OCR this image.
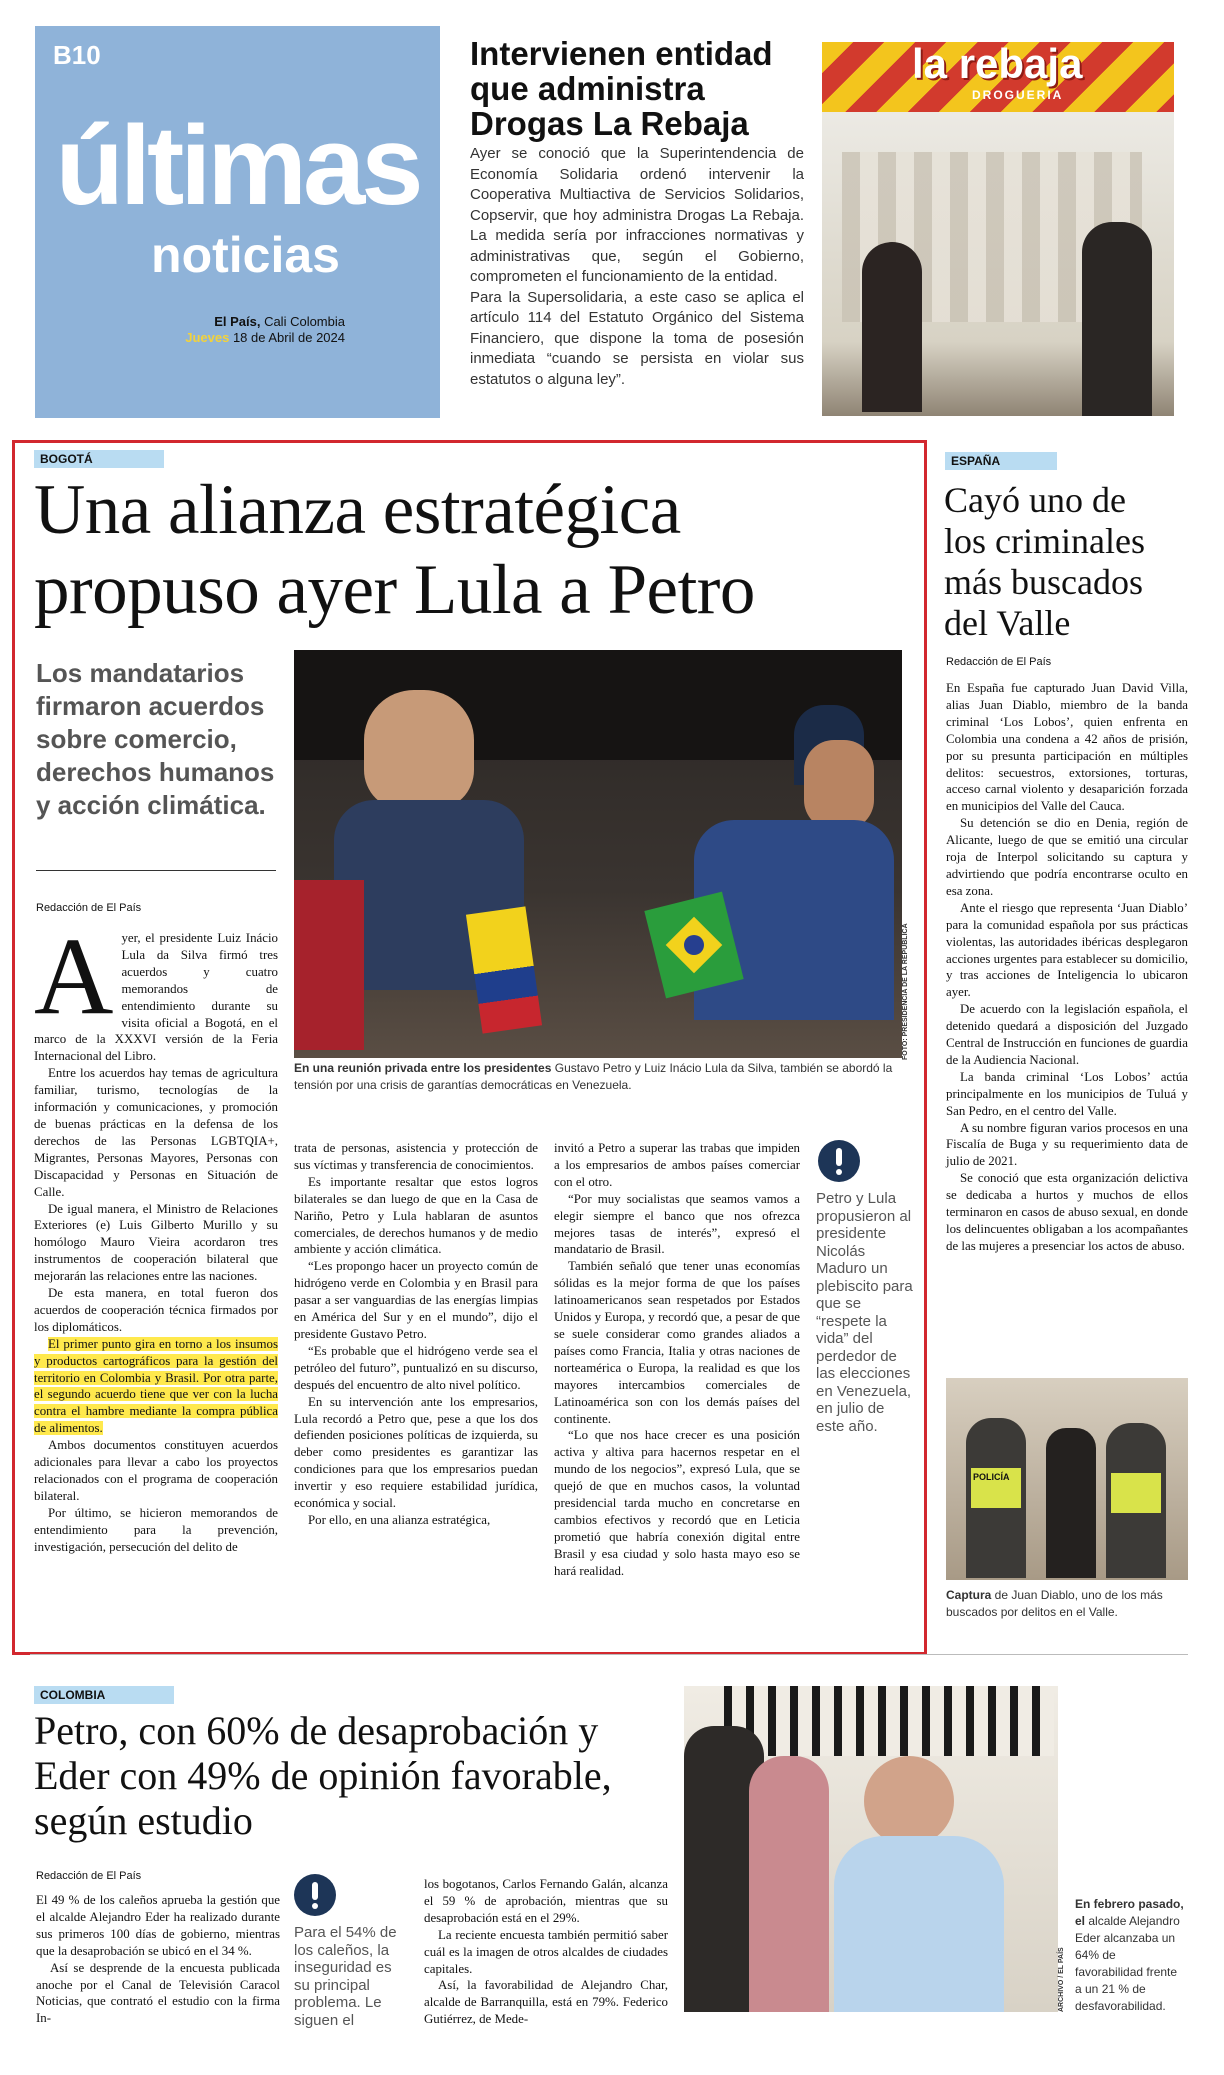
B10
últimas
noticias
El País, Cali Colombia
Jueves 18 de Abril de 2024
Intervienen entidad que administra Drogas La Rebaja

Ayer se conoció que la Superintendencia de Economía Solidaria ordenó intervenir la Cooperativa Multiactiva de Servicios Solidarios, Copservir, que hoy administra Drogas La Rebaja. La medida sería por infracciones normativas y administrativas que, según el Gobierno, comprometen el funcionamiento de la entidad.

Para la Supersolidaria, a este caso se aplica el artículo 114 del Estatuto Orgánico del Sistema Financiero, que dispone la toma de posesión inmediata “cuando se persista en violar sus estatutos o alguna ley”.

la rebaja
DROGUERIA
BOGOTÁ
Una alianza estratégica propuso ayer Lula a Petro
Los mandatarios firmaron acuerdos sobre comercio, derechos humanos y acción climática.
Redacción de El País
FOTO: PRESIDENCIA DE LA REPÚBLICA
En una reunión privada entre los presidentes Gustavo Petro y Luiz Inácio Lula da Silva, también se abordó la tensión por una crisis de garantías democráticas en Venezuela.
A yer, el presidente Luiz Inácio Lula da Silva firmó tres acuerdos y cuatro memorandos de entendimiento durante su visita oficial a Bogotá, en el marco de la XXXVI versión de la Feria Internacional del Libro.

Entre los acuerdos hay temas de agricultura familiar, turismo, tecnologías de la información y comunicaciones, y promoción de buenas prácticas en la defensa de los derechos de las Personas LGBTQIA+, Migrantes, Personas Mayores, Personas con Discapacidad y Personas en Situación de Calle.

De igual manera, el Ministro de Relaciones Exteriores (e) Luis Gilberto Murillo y su homólogo Mauro Vieira acordaron tres instrumentos de cooperación bilateral que mejorarán las relaciones entre las naciones.

De esta manera, en total fueron dos acuerdos de cooperación técnica firmados por los diplomáticos.

El primer punto gira en torno a los insumos y productos cartográficos para la gestión del territorio en Colombia y Brasil. Por otra parte, el segundo acuerdo tiene que ver con la lucha contra el hambre mediante la compra pública de alimentos.

Ambos documentos constituyen acuerdos adicionales para llevar a cabo los proyectos relacionados con el programa de cooperación bilateral.

Por último, se hicieron memorandos de entendimiento para la prevención, investigación, persecución del delito de

trata de personas, asistencia y protección de sus víctimas y transferencia de conocimientos.

Es importante resaltar que estos logros bilaterales se dan luego de que en la Casa de Nariño, Petro y Lula hablaran de asuntos comerciales, de derechos humanos y de medio ambiente y acción climática.

“Les propongo hacer un proyecto común de hidrógeno verde en Colombia y en Brasil para pasar a ser vanguardias de las energías limpias en América del Sur y en el mundo”, dijo el presidente Gustavo Petro.

“Es probable que el hidrógeno verde sea el petróleo del futuro”, puntualizó en su discurso, después del encuentro de alto nivel político.

En su intervención ante los empresarios, Lula recordó a Petro que, pese a que los dos defienden posiciones políticas de izquierda, su deber como presidentes es garantizar las condiciones para que los empresarios puedan invertir y eso requiere estabilidad jurídica, económica y social.

Por ello, en una alianza estratégica,

invitó a Petro a superar las trabas que impiden a los empresarios de ambos países comerciar con el otro.

“Por muy socialistas que seamos vamos a elegir siempre el banco que nos ofrezca mejores tasas de interés”, expresó el mandatario de Brasil.

También señaló que tener unas economías sólidas es la mejor forma de que los países latinoamericanos sean respetados por Estados Unidos y Europa, y recordó que, a pesar de que se suele considerar como grandes aliados a países como Francia, Italia y otras naciones de norteamérica o Europa, la realidad es que los mayores intercambios comerciales de Latinoamérica son con los demás países del continente.

“Lo que nos hace crecer es una posición activa y altiva para hacernos respetar en el mundo de los negocios”, expresó Lula, que se quejó de que en muchos casos, la voluntad presidencial tarda mucho en concretarse en cambios efectivos y recordó que en Leticia prometió que habría conexión digital entre Brasil y esa ciudad y solo hasta mayo eso se hará realidad.

Petro y Lula propusieron al presidente Nicolás Maduro un plebiscito para que se “respete la vida” del perdedor de las elecciones en Venezuela, en julio de este año.
ESPAÑA
Cayó uno de los criminales más buscados del Valle
Redacción de El País

En España fue capturado Juan David Villa, alias Juan Diablo, miembro de la banda criminal ‘Los Lobos’, quien enfrenta en Colombia una condena a 42 años de prisión, por su presunta participación en múltiples delitos: secuestros, extorsiones, torturas, acceso carnal violento y desaparición forzada en municipios del Valle del Cauca.

Su detención se dio en Denia, región de Alicante, luego de que se emitió una circular roja de Interpol solicitando su captura y advirtiendo que podría encontrarse oculto en esa zona.

Ante el riesgo que representa ‘Juan Diablo’ para la comunidad española por sus prácticas violentas, las autoridades ibéricas desplegaron acciones urgentes para establecer su domicilio, y tras acciones de Inteligencia lo ubicaron ayer.

De acuerdo con la legislación española, el detenido quedará a disposición del Juzgado Central de Instrucción en funciones de guardia de la Audiencia Nacional.

La banda criminal ‘Los Lobos’ actúa principalmente en los municipios de Tuluá y San Pedro, en el centro del Valle.

A su nombre figuran varios procesos en una Fiscalía de Buga y su requerimiento data de julio de 2021.

Se conoció que esta organización delictiva se dedicaba a hurtos y muchos de ellos terminaron en casos de abuso sexual, en donde los delincuentes obligaban a los acompañantes de las mujeres a presenciar los actos de abuso.

POLICÍA
Captura de Juan Diablo, uno de los más buscados por delitos en el Valle.
COLOMBIA
Petro, con 60% de desaprobación y Eder con 49% de opinión favorable, según estudio
Redacción de El País

El 49 % de los caleños aprueba la gestión que el alcalde Alejandro Eder ha realizado durante sus primeros 100 días de gobierno, mientras que la desaprobación se ubicó en el 34 %.

Así se desprende de la encuesta publicada anoche por el Canal de Televisión Caracol Noticias, que contrató el estudio con la firma In-

Para el 54% de los caleños, la inseguridad es su principal problema. Le siguen el

los bogotanos, Carlos Fernando Galán, alcanza el 59 % de aprobación, mientras que su desaprobación está en el 29%.

La reciente encuesta también permitió saber cuál es la imagen de otros alcaldes de ciudades capitales.

Así, la favorabilidad de Alejandro Char, alcalde de Barranquilla, está en 79%. Federico Gutiérrez, de Mede-

ARCHIVO / EL PAÍS
En febrero pasado, el alcalde Alejandro Eder alcanzaba un 64% de favorabilidad frente a un 21 % de desfavorabilidad.
